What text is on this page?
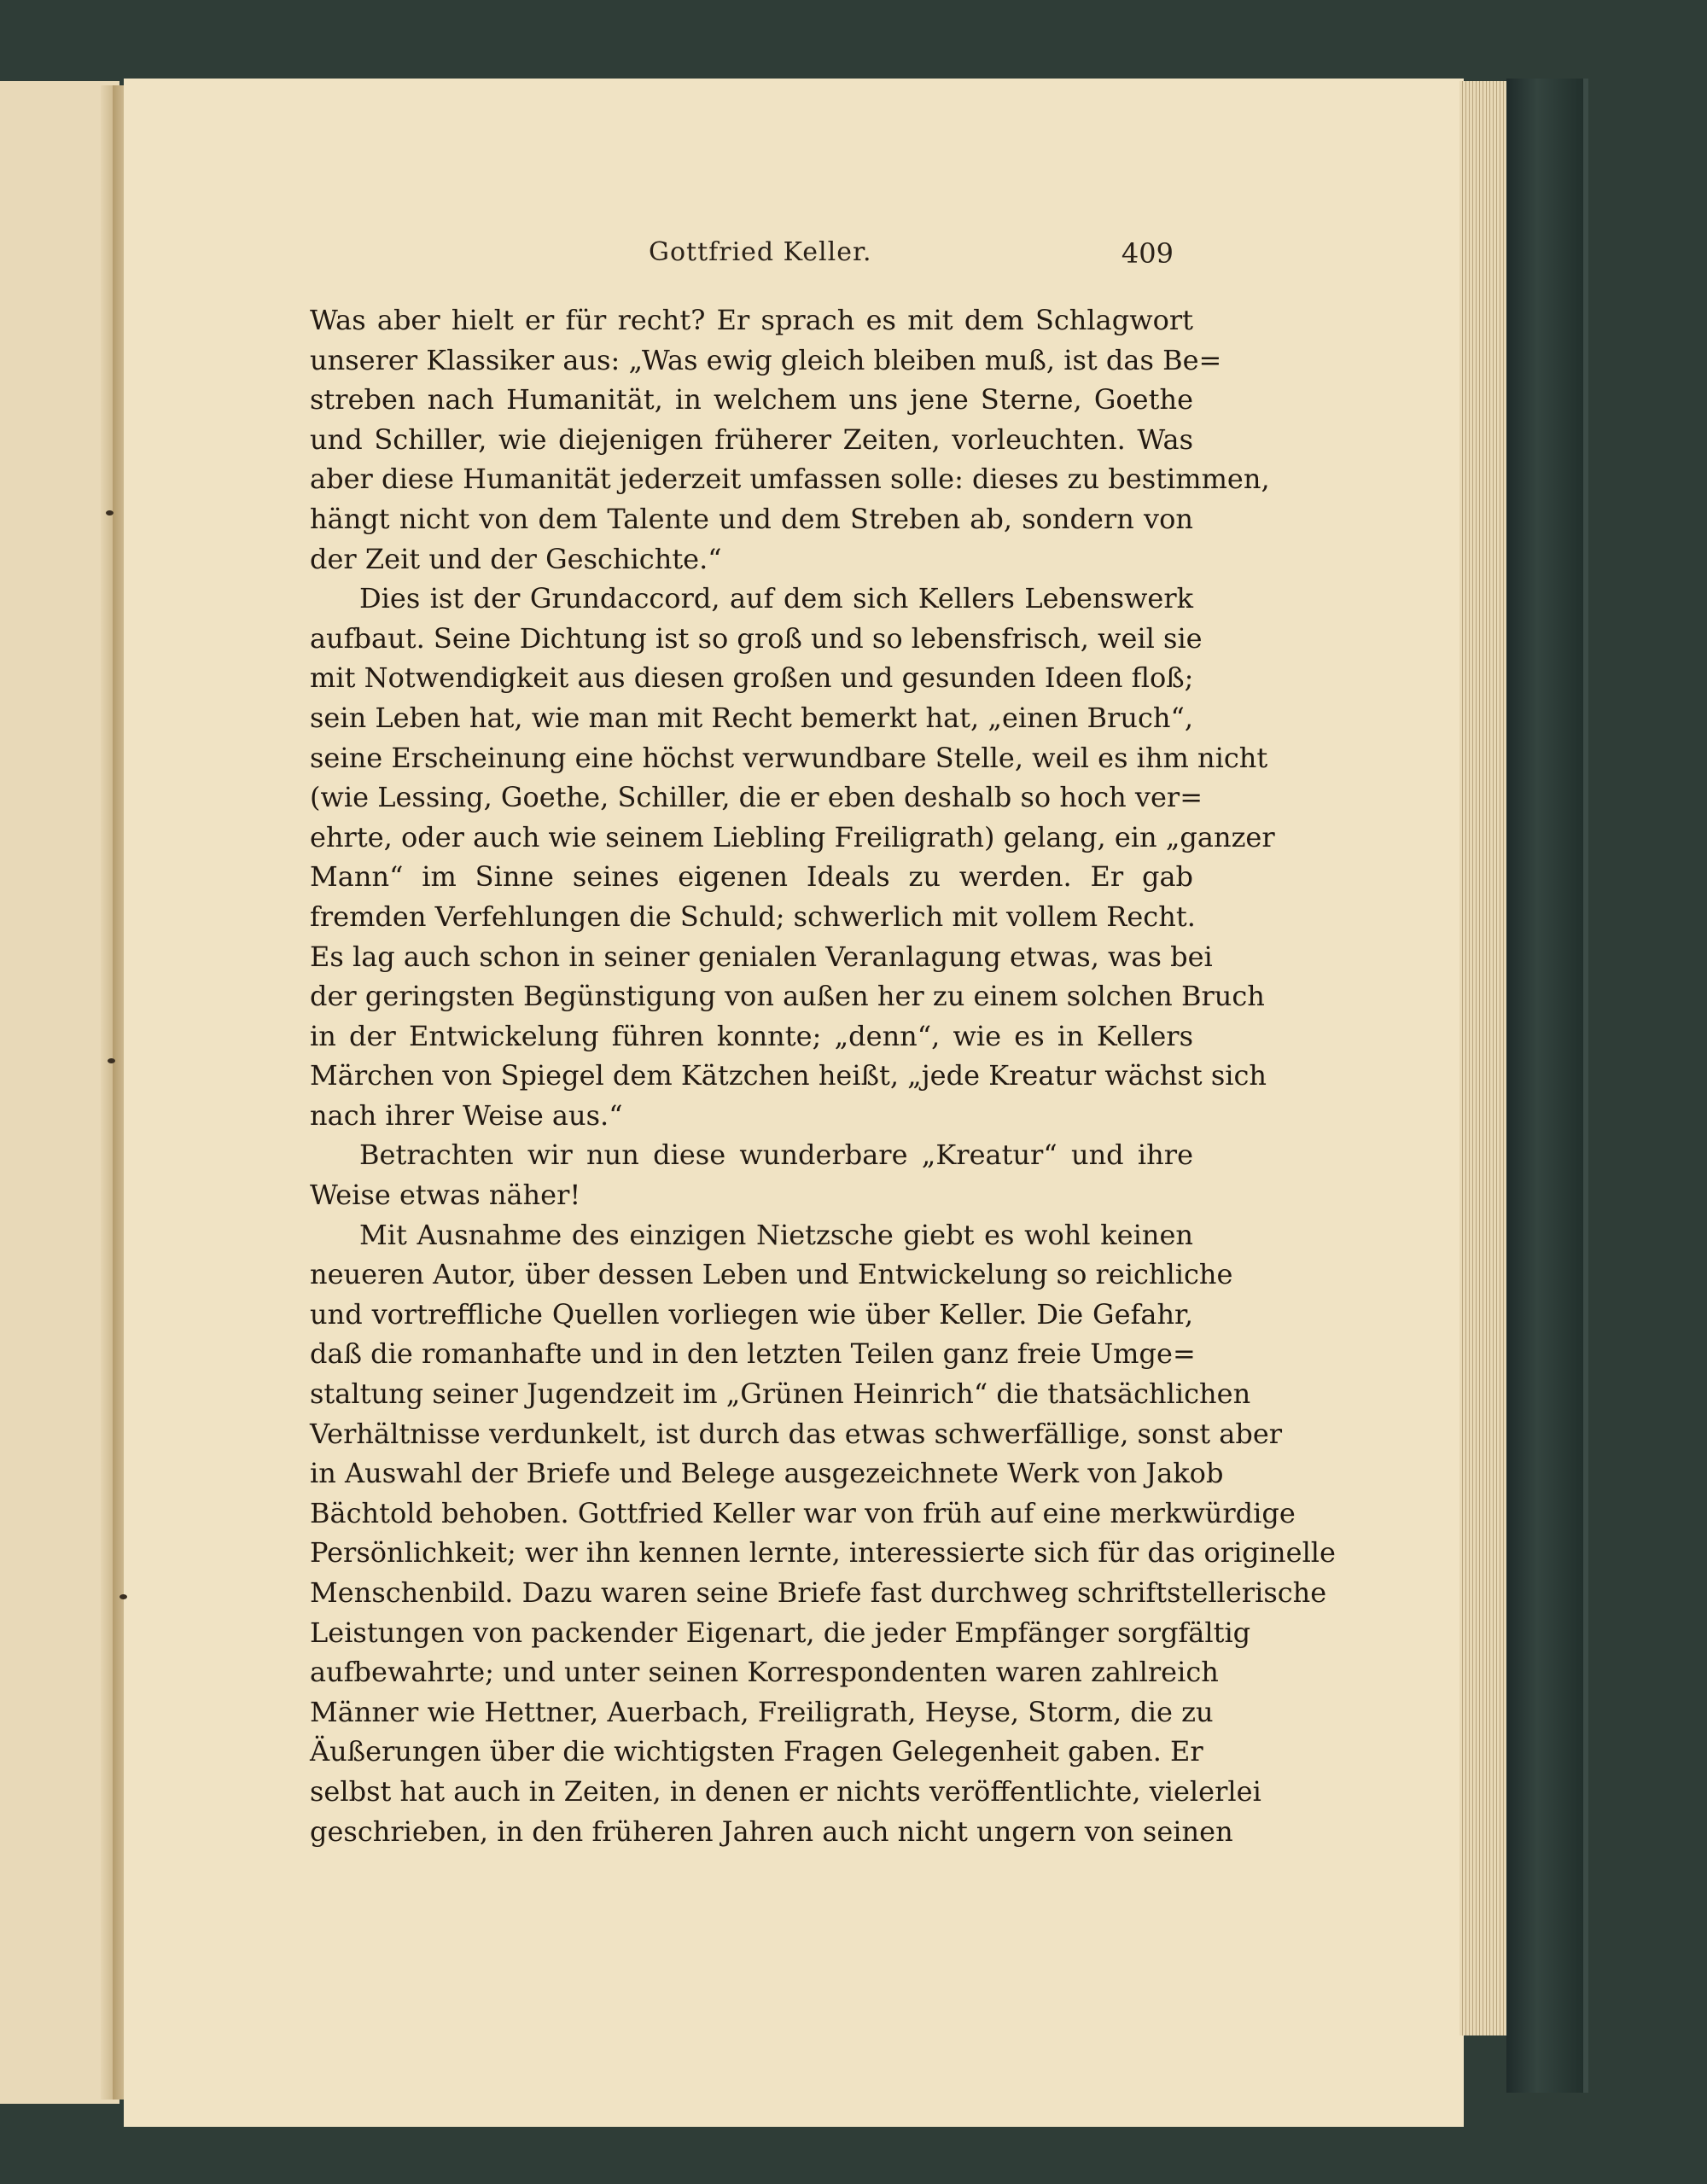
Gottfried Keller.	409
Was aber hielt er für recht? Er sprach es mit dem Schlagwort
unserer Klassiker aus: „Was ewig gleich bleiben muß, ist das Be=
streben nach Humanität, in welchem uns jene Sterne, Goethe
und Schiller, wie diejenigen früherer Zeiten, vorleuchten. Was
aber diese Humanität jederzeit umfassen solle: dieses zu bestimmen,
hängt nicht von dem Talente und dem Streben ab, sondern von
der Zeit und der Geschichte.“
Dies ist der Grundaccord, auf dem sich Kellers Lebenswerk
aufbaut. Seine Dichtung ist so groß und so lebensfrisch, weil sie
mit Notwendigkeit aus diesen großen und gesunden Ideen floß;
sein Leben hat, wie man mit Recht bemerkt hat, „einen Bruch“,
seine Erscheinung eine höchst verwundbare Stelle, weil es ihm nicht
(wie Lessing, Goethe, Schiller, die er eben deshalb so hoch ver=
ehrte, oder auch wie seinem Liebling Freiligrath) gelang, ein „ganzer
Mann“ im Sinne seines eigenen Ideals zu werden. Er gab
fremden Verfehlungen die Schuld; schwerlich mit vollem Recht.
Es lag auch schon in seiner genialen Veranlagung etwas, was bei
der geringsten Begünstigung von außen her zu einem solchen Bruch
in der Entwickelung führen konnte; „denn“, wie es in Kellers
Märchen von Spiegel dem Kätzchen heißt, „jede Kreatur wächst sich
nach ihrer Weise aus.“
Betrachten wir nun diese wunderbare „Kreatur“ und ihre
Weise etwas näher!
Mit Ausnahme des einzigen Nietzsche giebt es wohl keinen
neueren Autor, über dessen Leben und Entwickelung so reichliche
und vortreffliche Quellen vorliegen wie über Keller. Die Gefahr,
daß die romanhafte und in den letzten Teilen ganz freie Umge=
staltung seiner Jugendzeit im „Grünen Heinrich“ die thatsächlichen
Verhältnisse verdunkelt, ist durch das etwas schwerfällige, sonst aber
in Auswahl der Briefe und Belege ausgezeichnete Werk von Jakob
Bächtold behoben. Gottfried Keller war von früh auf eine merkwürdige
Persönlichkeit; wer ihn kennen lernte, interessierte sich für das originelle
Menschenbild. Dazu waren seine Briefe fast durchweg schriftstellerische
Leistungen von packender Eigenart, die jeder Empfänger sorgfältig
aufbewahrte; und unter seinen Korrespondenten waren zahlreich
Männer wie Hettner, Auerbach, Freiligrath, Heyse, Storm, die zu
Äußerungen über die wichtigsten Fragen Gelegenheit gaben. Er
selbst hat auch in Zeiten, in denen er nichts veröffentlichte, vielerlei
geschrieben, in den früheren Jahren auch nicht ungern von seinen
